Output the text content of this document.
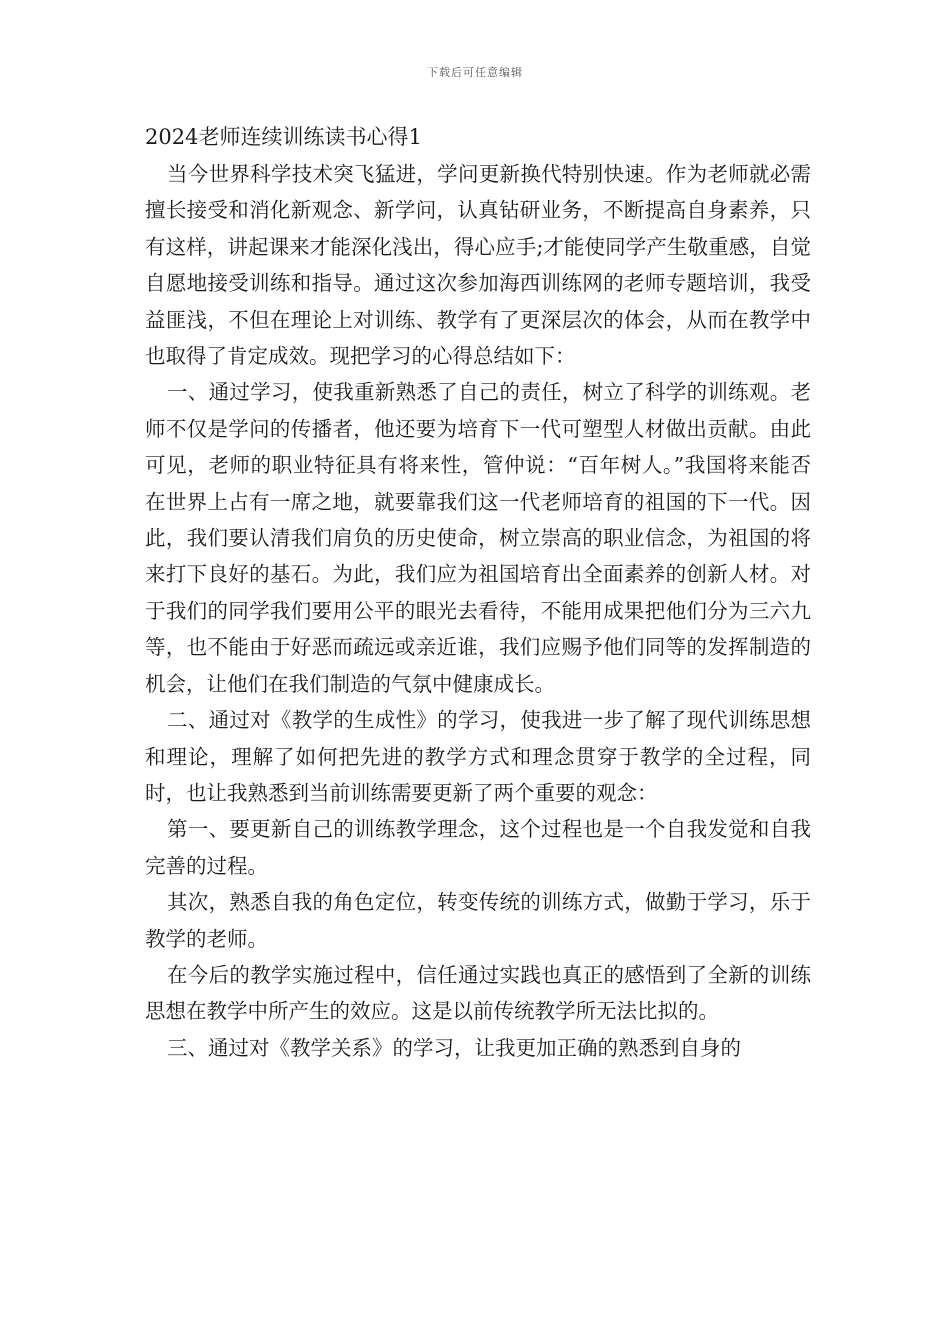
下载后可任意编辑
2024老师连续训练读书心得1

当今世界科学技术突飞猛进，学问更新换代特别快速。作为老师就必需擅长接受和消化新观念、新学问，认真钻研业务，不断提高自身素养，只有这样，讲起课来才能深化浅出，得心应手;才能使同学产生敬重感，自觉自愿地接受训练和指导。通过这次参加海西训练网的老师专题培训，我受益匪浅，不但在理论上对训练、教学有了更深层次的体会，从而在教学中也取得了肯定成效。现把学习的心得总结如下：

一、通过学习，使我重新熟悉了自己的责任，树立了科学的训练观。老师不仅是学问的传播者，他还要为培育下一代可塑型人材做出贡献。由此可见，老师的职业特征具有将来性，管仲说：“百年树人。”我国将来能否在世界上占有一席之地，就要靠我们这一代老师培育的祖国的下一代。因此，我们要认清我们肩负的历史使命，树立崇高的职业信念，为祖国的将来打下良好的基石。为此，我们应为祖国培育出全面素养的创新人材。对于我们的同学我们要用公平的眼光去看待，不能用成果把他们分为三六九等，也不能由于好恶而疏远或亲近谁，我们应赐予他们同等的发挥制造的机会，让他们在我们制造的气氛中健康成长。

二、通过对《教学的生成性》的学习，使我进一步了解了现代训练思想和理论，理解了如何把先进的教学方式和理念贯穿于教学的全过程，同时，也让我熟悉到当前训练需要更新了两个重要的观念：

第一、要更新自己的训练教学理念，这个过程也是一个自我发觉和自我完善的过程。

其次，熟悉自我的角色定位，转变传统的训练方式，做勤于学习，乐于教学的老师。

在今后的教学实施过程中，信任通过实践也真正的感悟到了全新的训练思想在教学中所产生的效应。这是以前传统教学所无法比拟的。

三、通过对《教学关系》的学习，让我更加正确的熟悉到自身的
